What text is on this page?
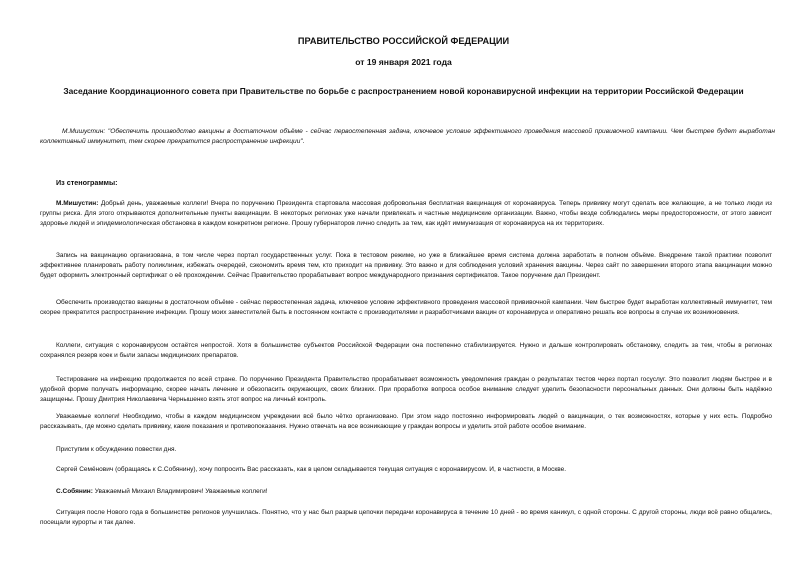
ПРАВИТЕЛЬСТВО РОССИЙСКОЙ ФЕДЕРАЦИИ
от 19 января 2021 года
Заседание Координационного совета при Правительстве по борьбе с распространением новой коронавирусной инфекции на территории Российской Федерации
М.Мишустин: "Обеспечить производство вакцины в достаточном объёме - сейчас первостепенная задача, ключевое условие эффективного проведения массовой прививочной кампании. Чем быстрее будет выработан коллективный иммунитет, тем скорее прекратится распространение инфекции".
Из стенограммы:

М.Мишустин: Добрый день, уважаемые коллеги! Вчера по поручению Президента стартовала массовая добровольная бесплатная вакцинация от коронавируса. Теперь прививку могут сделать все желающие, а не только люди из группы риска. Для этого открываются дополнительные пункты вакцинации. В некоторых регионах уже начали привлекать и частные медицинские организации. Важно, чтобы везде соблюдались меры предосторожности, от этого зависит здоровье людей и эпидемиологическая обстановка в каждом конкретном регионе. Прошу губернаторов лично следить за тем, как идёт иммунизация от коронавируса на их территориях.

Запись на вакцинацию организована, в том числе через портал государственных услуг. Пока в тестовом режиме, но уже в ближайшее время система должна заработать в полном объёме. Внедрение такой практики позволит эффективнее планировать работу поликлиник, избежать очередей, сэкономить время тем, кто приходит на прививку. Это важно и для соблюдения условий хранения вакцины. Через сайт по завершении второго этапа вакцинации можно будет оформить электронный сертификат о её прохождении. Сейчас Правительство прорабатывает вопрос международного признания сертификатов. Такое поручение дал Президент.

Обеспечить производство вакцины в достаточном объёме - сейчас первостепенная задача, ключевое условие эффективного проведения массовой прививочной кампании. Чем быстрее будет выработан коллективный иммунитет, тем скорее прекратится распространение инфекции. Прошу моих заместителей быть в постоянном контакте с производителями и разработчиками вакцин от коронавируса и оперативно решать все вопросы в случае их возникновения.

Коллеги, ситуация с коронавирусом остаётся непростой. Хотя в большинстве субъектов Российской Федерации она постепенно стабилизируется. Нужно и дальше контролировать обстановку, следить за тем, чтобы в регионах сохранялся резерв коек и были запасы медицинских препаратов.

Тестирование на инфекцию продолжается по всей стране. По поручению Президента Правительство прорабатывает возможность уведомления граждан о результатах тестов через портал госуслуг. Это позволит людям быстрее и в удобной форме получать информацию, скорее начать лечение и обезопасить окружающих, своих близких. При проработке вопроса особое внимание следует уделить безопасности персональных данных. Они должны быть надёжно защищены. Прошу Дмитрия Николаевича Чернышенко взять этот вопрос на личный контроль.

Уважаемые коллеги! Необходимо, чтобы в каждом медицинском учреждении всё было чётко организовано. При этом надо постоянно информировать людей о вакцинации, о тех возможностях, которые у них есть. Подробно рассказывать, где можно сделать прививку, какие показания и противопоказания. Нужно отвечать на все возникающие у граждан вопросы и уделить этой работе особое внимание.

Приступим к обсуждению повестки дня.

Сергей Семёнович (обращаясь к С.Собянину), хочу попросить Вас рассказать, как в целом складывается текущая ситуация с коронавирусом. И, в частности, в Москве.

С.Собянин: Уважаемый Михаил Владимирович! Уважаемые коллеги!

Ситуация после Нового года в большинстве регионов улучшилась. Понятно, что у нас был разрыв цепочки передачи коронавируса в течение 10 дней - во время каникул, с одной стороны. С другой стороны, люди всё равно общались, посещали курорты и так далее.
